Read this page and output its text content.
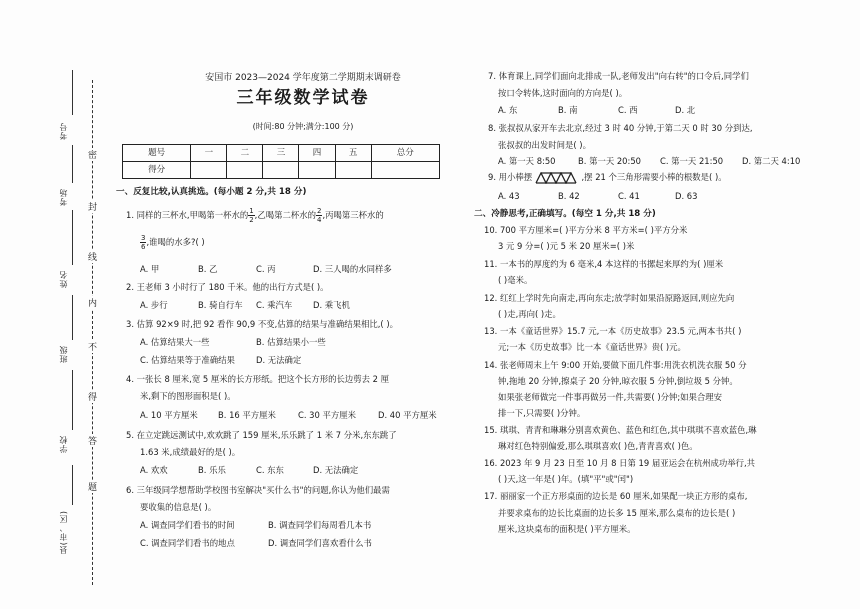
考号
考场
姓名
班级
学校
县(市、区)
密
封
线
内
不
得
答
题
安国市 2023—2024 学年度第二学期期末调研卷
三年级数学试卷
(时间:80 分钟;满分:100 分)
题号	一	二	三	四	五	总分
得分						
一、反复比较,认真挑选。(每小题 2 分,共 18 分)
1. 同样的三杯水,甲喝第一杯水的 $\frac{1}{2}$ ,乙喝第二杯水的 $\frac{2}{4}$ ,丙喝第三杯水的
$\frac{3}{6}$ ,谁喝的水多?( )
A. 甲	B. 乙	C. 丙	D. 三人喝的水同样多
2. 王老师 3 小时行了 180 千米。他的出行方式是( )。
A. 步行	B. 骑自行车 C. 乘汽车 D. 乘飞机
3. 估算 92×9 时,把 92 看作 90,9 不变,估算的结果与准确结果相比,( )。
A. 估算结果大一些	B. 估算结果小一些
C. 估算结果等于准确结果	D. 无法确定
4. 一张长 8 厘米,宽 5 厘米的长方形纸。把这个长方形的长边剪去 2 厘
米,剩下的图形面积是( )。
A. 10 平方厘米 B. 16 平方厘米	C. 30 平方厘米	D. 40 平方厘米
5. 在立定跳远测试中,欢欢跳了 159 厘米,乐乐跳了 1 米 7 分米,东东跳了
1.63 米,成绩最好的是( )。
A. 欢欢	B. 乐乐	C. 东东	D. 无法确定
6. 三年级同学想帮助学校图书室解决"买什么书"的问题,你认为他们最需
要收集的信息是( )。
A. 调查同学们看书的时间	B. 调查同学们每周看几本书
C. 调查同学们看书的地点	D. 调查同学们喜欢看什么书
7. 体育课上,同学们面向北排成一队,老师发出"向右转"的口令后,同学们
按口令转体,这时面向的方向是( )。
A. 东	B. 南	C. 西	D. 北
8. 张叔叔从家开车去北京,经过 3 时 40 分钟,于第二天 0 时 30 分到达,
张叔叔的出发时间是( )。
A. 第一天 8:50	B. 第一天 20:50 C. 第一天 21:50 D. 第二天 4:10
9. 用小棒摆	,摆 21 个三角形需要小棒的根数是( )。
A. 43	B. 42	C. 41	D. 63
二、冷静思考,正确填写。(每空 1 分,共 18 分)
10. 700 平方厘米=( )平方分米 8 平方米=( )平方分米
3 元 9 分=( )元 5 米 20 厘米=( )米
11. 一本书的厚度约为 6 毫米,4 本这样的书摞起来厚约为( )厘米
( )毫米。
12. 红红上学时先向南走,再向东走;放学时如果沿原路返回,则应先向
( )走,再向( )走。
13. 一本《童话世界》15.7 元,一本《历史故事》23.5 元,两本书共( )
元;一本《历史故事》比一本《童话世界》贵( )元。
14. 张老师周末上午 9:00 开始,要做下面几件事:用洗衣机洗衣服 50 分
钟,拖地 20 分钟,擦桌子 20 分钟,晾衣服 5 分钟,倒垃圾 5 分钟。
如果张老师做完一件事再做另一件,共需要( )分钟;如果合理安
排一下,只需要( )分钟。
15. 琪琪、青青和琳琳分别喜欢黄色、蓝色和红色,其中琪琪不喜欢蓝色,琳
琳对红色特别偏爱,那么琪琪喜欢( )色,青青喜欢( )色。
16. 2023 年 9 月 23 日至 10 月 8 日第 19 届亚运会在杭州成功举行,共
( )天,这一年是( )年。(填"平"或"闰")
17. 丽丽家一个正方形桌面的边长是 60 厘米,如果配一块正方形的桌布,
并要求桌布的边长比桌面的边长多 15 厘米,那么桌布的边长是( )
厘米,这块桌布的面积是( )平方厘米。
